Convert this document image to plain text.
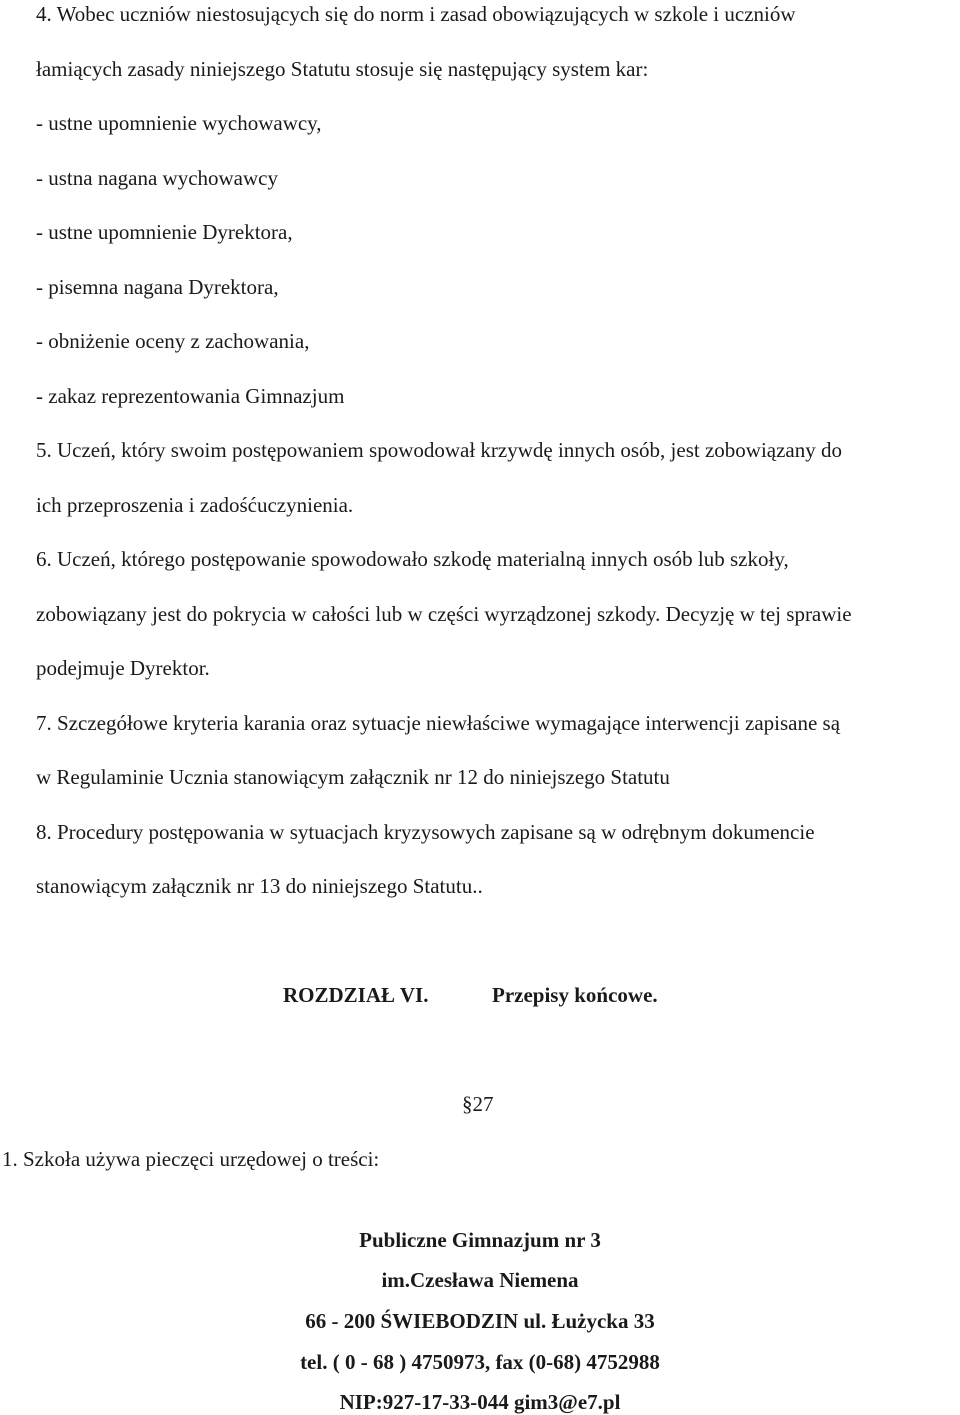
4. Wobec uczniów niestosujących się do norm i zasad obowiązujących w szkole i uczniów
łamiących zasady niniejszego Statutu stosuje się następujący system kar:
- ustne upomnienie wychowawcy,
- ustna nagana wychowawcy
- ustne upomnienie Dyrektora,
- pisemna nagana Dyrektora,
- obniżenie oceny z zachowania,
- zakaz reprezentowania Gimnazjum
5. Uczeń, który swoim postępowaniem spowodował krzywdę innych osób, jest zobowiązany do
ich przeproszenia i zadośćuczynienia.
6. Uczeń, którego postępowanie spowodowało szkodę materialną innych osób lub szkoły,
zobowiązany jest do pokrycia w całości lub w części wyrządzonej szkody. Decyzję w tej sprawie
podejmuje Dyrektor.
7. Szczegółowe kryteria karania oraz sytuacje niewłaściwe wymagające interwencji zapisane są
w Regulaminie Ucznia stanowiącym załącznik nr 12 do niniejszego Statutu
8. Procedury postępowania w sytuacjach kryzysowych zapisane są w odrębnym dokumencie
stanowiącym załącznik nr 13 do niniejszego Statutu..
ROZDZIAŁ VI.	Przepisy końcowe.
§27
1. Szkoła używa pieczęci urzędowej o treści:
Publiczne Gimnazjum nr 3
im.Czesława Niemena
66 - 200 ŚWIEBODZIN ul. Łużycka 33
tel. ( 0 - 68 ) 4750973, fax (0-68) 4752988
NIP:927-17-33-044 gim3@e7.pl
